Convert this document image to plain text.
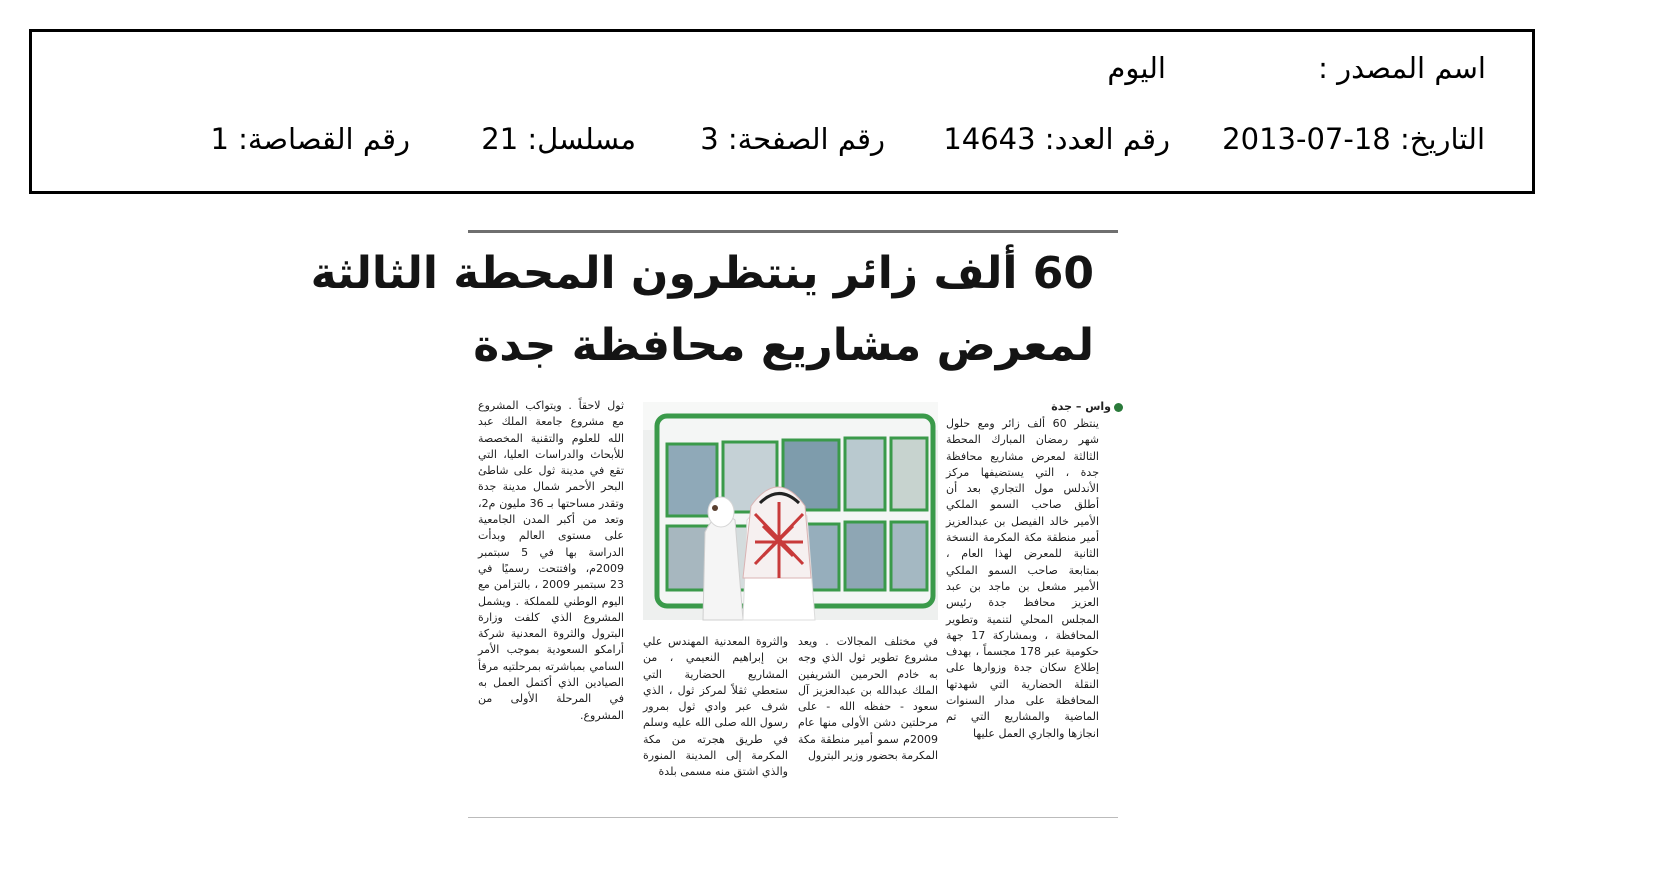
اسم المصدر :
اليوم
التاريخ: 18-07-2013
رقم العدد: 14643
رقم الصفحة: 3
مسلسل: 21
رقم القصاصة: 1
60 ألف زائر ينتظرون المحطة الثالثة
لمعرض مشاريع محافظة جدة
واس – جدة
ينتظر 60 ألف زائر ومع حلول شهر رمضان المبارك المحطة الثالثة لمعرض مشاريع محافظة جدة ، التي يستضيفها مركز الأندلس مول التجاري بعد أن أطلق صاحب السمو الملكي الأمير خالد الفيصل بن عبدالعزيز أمير منطقة مكة المكرمة النسخة الثانية للمعرض لهذا العام ، بمتابعة صاحب السمو الملكي الأمير مشعل بن ماجد بن عبد العزيز محافظ جدة رئيس المجلس المحلي لتنمية وتطوير المحافظة ، وبمشاركة 17 جهة حكومية عبر 178 مجسماً ، بهدف إطلاع سكان جدة وزوارها على النقلة الحضارية التي شهدتها المحافظة على مدار السنوات الماضية والمشاريع التي تم انجازها والجاري العمل عليها
في مختلف المجالات . ويعد مشروع تطوير ثول الذي وجه به خادم الحرمين الشريفين الملك عبدالله بن عبدالعزيز آل سعود - حفظه الله - على مرحلتين دشن الأولى منها عام 2009م سمو أمير منطقة مكة المكرمة بحضور وزير البترول
والثروة المعدنية المهندس علي بن إبراهيم النعيمي ، من المشاريع الحضارية التي ستعطي ثقلاً لمركز ثول ، الذي شرف عبر وادي ثول بمرور رسول الله صلى الله عليه وسلم في طريق هجرته من مكة المكرمة إلى المدينة المنورة والذي اشتق منه مسمى بلدة
ثول لاحقاً . ويتواكب المشروع مع مشروع جامعة الملك عبد الله للعلوم والتقنية المخصصة للأبحاث والدراسات العليا، التي تقع في مدينة ثول على شاطئ البحر الأحمر شمال مدينة جدة وتقدر مساحتها بـ 36 مليون م2، وتعد من أكبر المدن الجامعية على مستوى العالم وبدأت الدراسة بها في 5 سبتمبر 2009م، وافتتحت رسميًا في 23 سبتمبر 2009 ، بالتزامن مع اليوم الوطني للمملكة . ويشمل المشروع الذي كلفت وزارة البترول والثروة المعدنية شركة أرامكو السعودية بموجب الأمر السامي بمباشرته بمرحلتيه مرفأ الصيادين الذي أكتمل العمل به في المرحلة الأولى من المشروع.
